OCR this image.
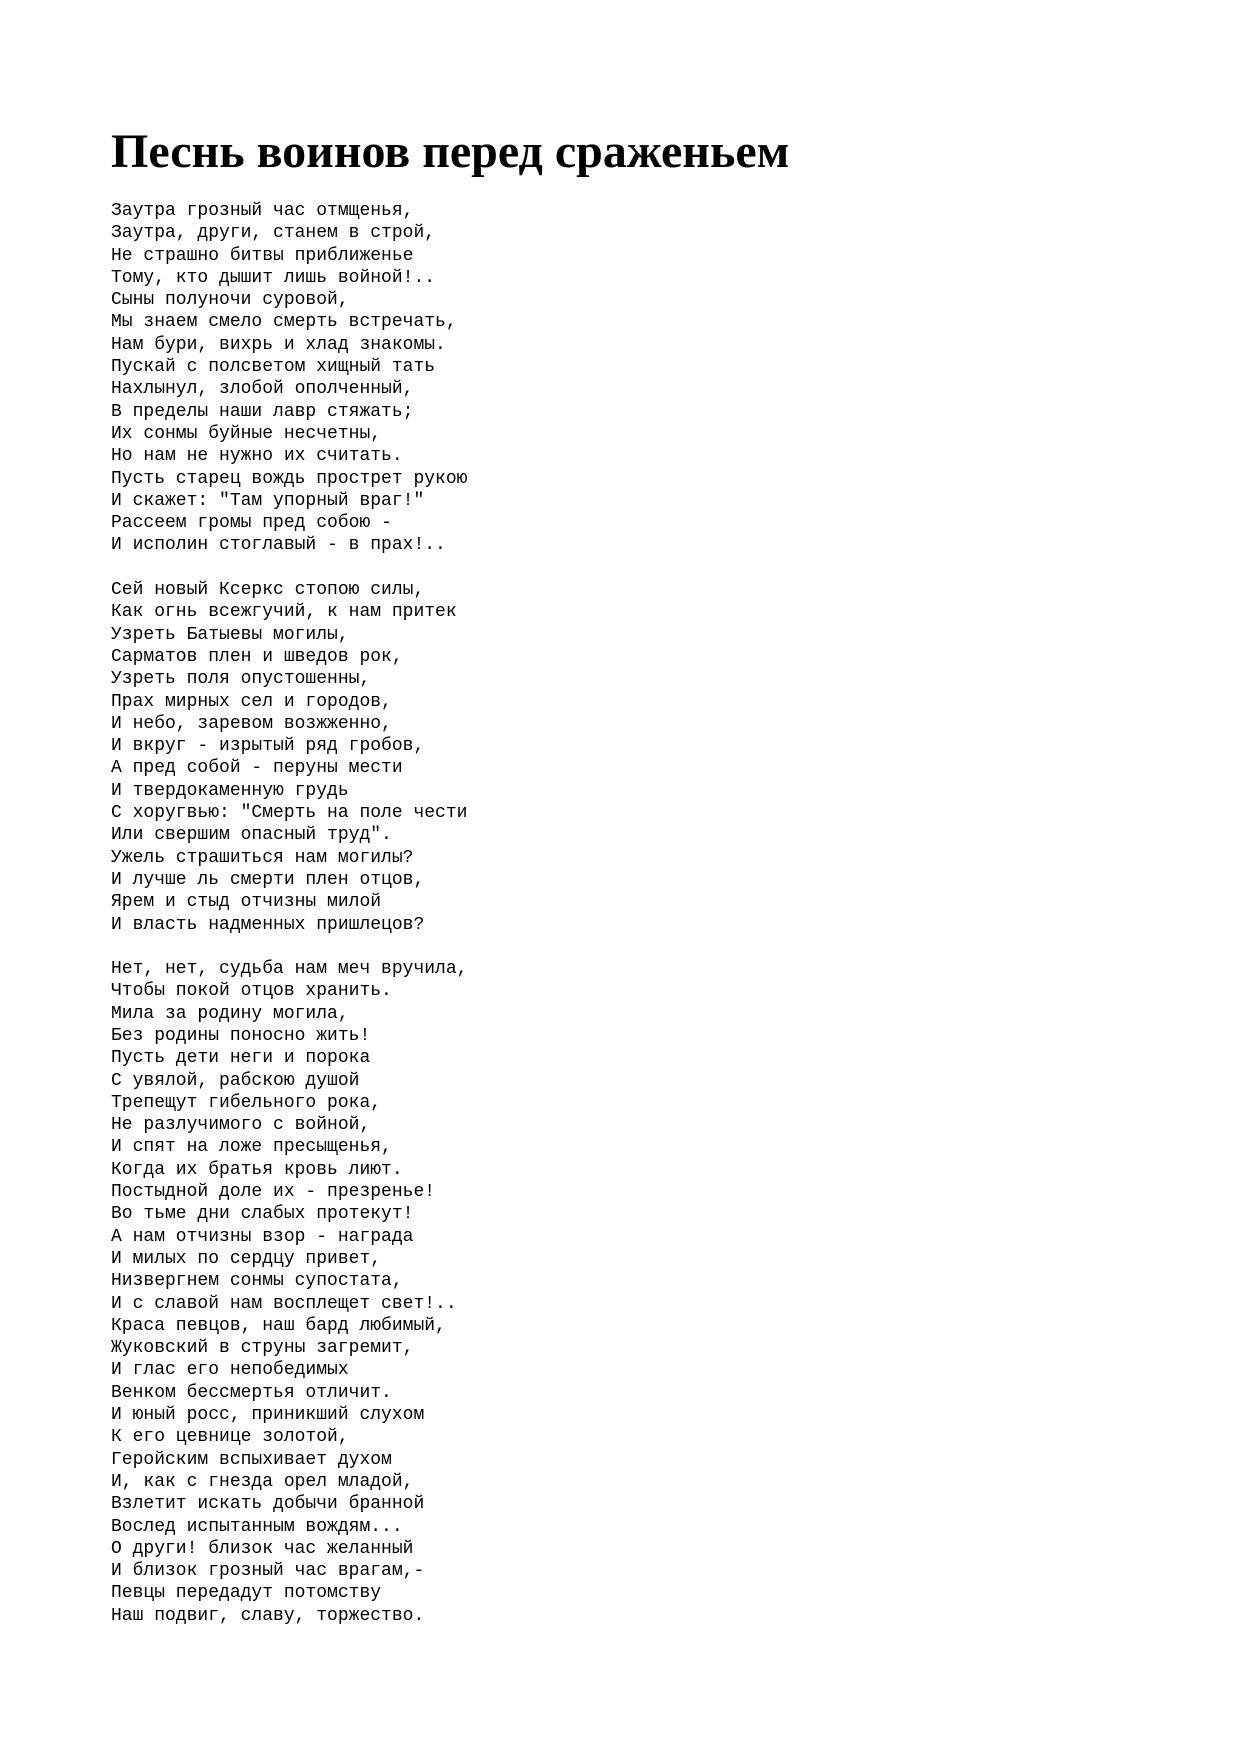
Песнь воинов перед сраженьем
Заутра грозный час отмщенья,
Заутра, други, станем в строй,
Не страшно битвы приближенье
Тому, кто дышит лишь войной!..
Сыны полуночи суровой,
Мы знаем смело смерть встречать,
Нам бури, вихрь и хлад знакомы.
Пускай с полсветом хищный тать
Нахлынул, злобой ополченный,
В пределы наши лавр стяжать;
Их сонмы буйные несчетны,
Но нам не нужно их считать.
Пусть старец вождь прострет рукою
И скажет: "Там упорный враг!"
Рассеем громы пред собою -
И исполин стоглавый - в прах!..
Сей новый Ксеркс стопою силы,
Как огнь всежгучий, к нам притек
Узреть Батыевы могилы,
Сарматов плен и шведов рок,
Узреть поля опустошенны,
Прах мирных сел и городов,
И небо, заревом возжженно,
И вкруг - изрытый ряд гробов,
А пред собой - перуны мести
И твердокаменную грудь
С хоругвью: "Смерть на поле чести
Или свершим опасный труд".
Ужель страшиться нам могилы?
И лучше ль смерти плен отцов,
Ярем и стыд отчизны милой
И власть надменных пришлецов?
Нет, нет, судьба нам меч вручила,
Чтобы покой отцов хранить.
Мила за родину могила,
Без родины поносно жить!
Пусть дети неги и порока
С увялой, рабскою душой
Трепещут гибельного рока,
Не разлучимого с войной,
И спят на ложе пресыщенья,
Когда их братья кровь лиют.
Постыдной доле их - презренье!
Во тьме дни слабых протекут!
А нам отчизны взор - награда
И милых по сердцу привет,
Низвергнем сонмы супостата,
И с славой нам восплещет свет!..
Краса певцов, наш бард любимый,
Жуковский в струны загремит,
И глас его непобедимых
Венком бессмертья отличит.
И юный росс, приникший слухом
К его цевнице золотой,
Геройским вспыхивает духом
И, как с гнезда орел младой,
Взлетит искать добычи бранной
Вослед испытанным вождям...
О други! близок час желанный
И близок грозный час врагам,-
Певцы передадут потомству
Наш подвиг, славу, торжество.
